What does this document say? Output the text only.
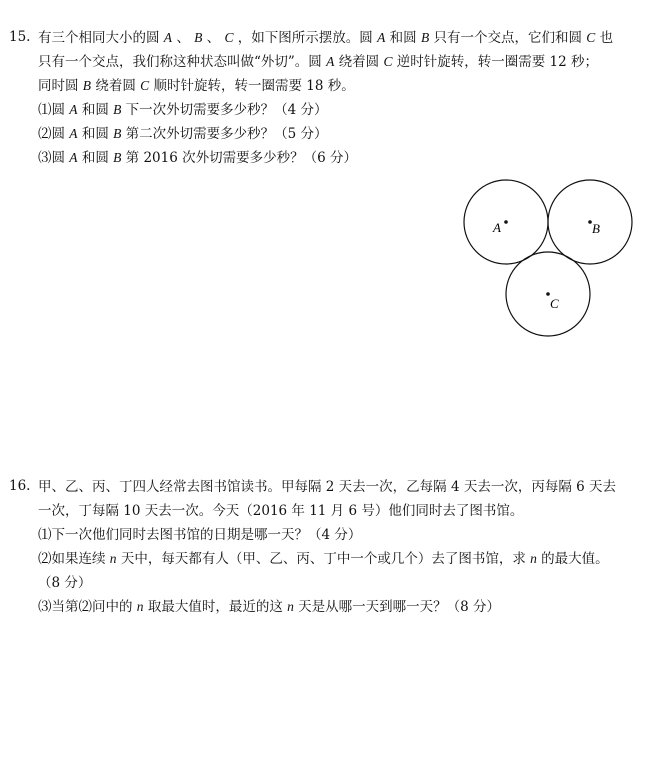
15. 有三个相同大小的圆 A 、 B 、 C ，如下图所示摆放。圆 A 和圆 B 只有一个交点，它们和圆 C 也
只有一个交点，我们称这种状态叫做“外切”。圆 A 绕着圆 C 逆时针旋转，转一圈需要 12 秒；
同时圆 B 绕着圆 C 顺时针旋转，转一圈需要 18 秒。
⑴圆 A 和圆 B 下一次外切需要多少秒？（4 分）
⑵圆 A 和圆 B 第二次外切需要多少秒？（5 分）
⑶圆 A 和圆 B 第 2016 次外切需要多少秒？（6 分）
A	B
C
16. 甲、乙、丙、丁四人经常去图书馆读书。甲每隔 2 天去一次，乙每隔 4 天去一次，丙每隔 6 天去
一次，丁每隔 10 天去一次。今天（2016 年 11 月 6 号）他们同时去了图书馆。
⑴下一次他们同时去图书馆的日期是哪一天？（4 分）
⑵如果连续 n 天中，每天都有人（甲、乙、丙、丁中一个或几个）去了图书馆，求 n 的最大值。
（8 分）
⑶当第⑵问中的 n 取最大值时，最近的这 n 天是从哪一天到哪一天？（8 分）
